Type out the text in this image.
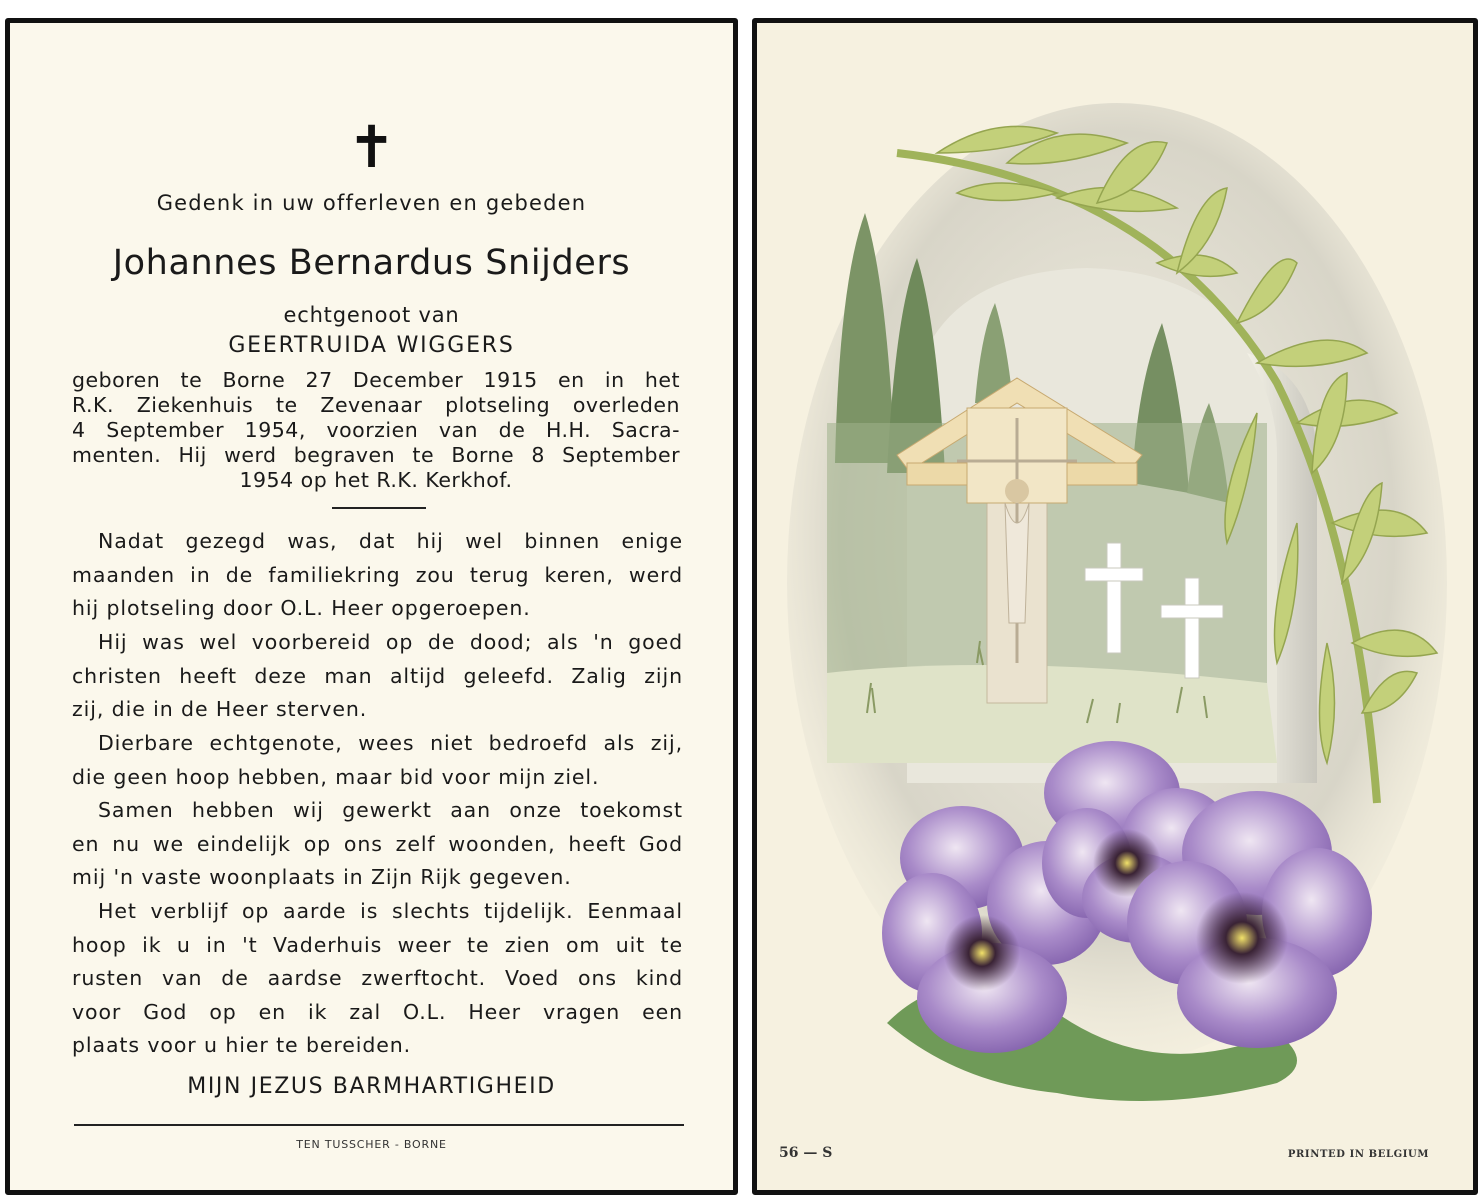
✝
Gedenk in uw offerleven en gebeden
Johannes Bernardus Snijders
echtgenoot van
GEERTRUIDA WIGGERS
geboren te Borne 27 December 1915 en in het
R.K. Ziekenhuis te Zevenaar plotseling overleden
4 September 1954, voorzien van de H.H. Sacra-
menten. Hij werd begraven te Borne 8 September
1954 op het R.K. Kerkhof.
Nadat gezegd was, dat hij wel binnen enige
maanden in de familiekring zou terug keren, werd
hij plotseling door O.L. Heer opgeroepen.
Hij was wel voorbereid op de dood; als 'n goed
christen heeft deze man altijd geleefd. Zalig zijn
zij, die in de Heer sterven.
Dierbare echtgenote, wees niet bedroefd als zij,
die geen hoop hebben, maar bid voor mijn ziel.
Samen hebben wij gewerkt aan onze toekomst
en nu we eindelijk op ons zelf woonden, heeft God
mij 'n vaste woonplaats in Zijn Rijk gegeven.
Het verblijf op aarde is slechts tijdelijk. Eenmaal
hoop ik u in 't Vaderhuis weer te zien om uit te
rusten van de aardse zwerftocht. Voed ons kind
voor God op en ik zal O.L. Heer vragen een
plaats voor u hier te bereiden.
MIJN JEZUS BARMHARTIGHEID
TEN TUSSCHER - BORNE
56 — S	PRINTED IN BELGIUM
